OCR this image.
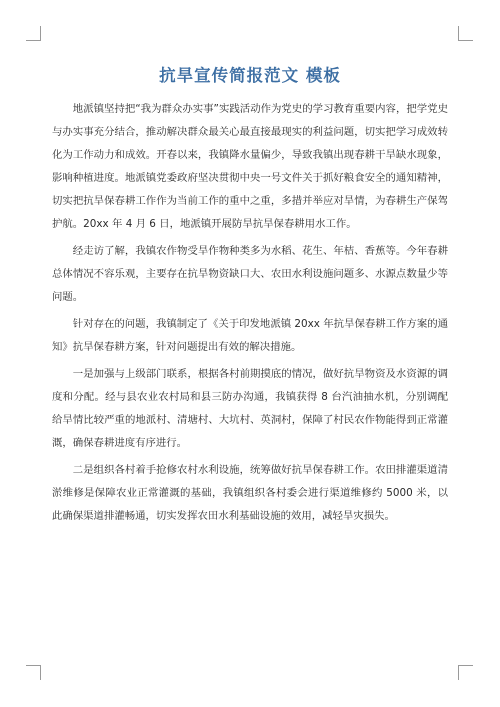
抗旱宣传简报范文 模板

地派镇坚持把“我为群众办实事”实践活动作为党史的学习教育重要内容，把学党史与办实事充分结合，推动解决群众最关心最直接最现实的利益问题，切实把学习成效转化为工作动力和成效。开春以来，我镇降水量偏少，导致我镇出现春耕干旱缺水现象，影响种植进度。地派镇党委政府坚决贯彻中央一号文件关于抓好粮食安全的通知精神，切实把抗旱保春耕工作作为当前工作的重中之重，多措并举应对旱情，为春耕生产保驾护航。20xx 年 4 月 6 日，地派镇开展防旱抗旱保春耕用水工作。

经走访了解，我镇农作物受旱作物种类多为水稻、花生、年桔、香蕉等。今年春耕总体情况不容乐观，主要存在抗旱物资缺口大、农田水利设施问题多、水源点数量少等问题。

针对存在的问题，我镇制定了《关于印发地派镇 20xx 年抗旱保春耕工作方案的通知》抗旱保春耕方案，针对问题提出有效的解决措施。

一是加强与上级部门联系，根据各村前期摸底的情况，做好抗旱物资及水资源的调度和分配。经与县农业农村局和县三防办沟通，我镇获得 8 台汽油抽水机，分别调配给旱情比较严重的地派村、清塘村、大坑村、英洞村，保障了村民农作物能得到正常灌溉，确保春耕进度有序进行。

二是组织各村着手抢修农村水利设施，统筹做好抗旱保春耕工作。农田排灌渠道清淤维修是保障农业正常灌溉的基础，我镇组织各村委会进行渠道维修约 5000 米，以此确保渠道排灌畅通，切实发挥农田水利基础设施的效用，减轻旱灾损失。
